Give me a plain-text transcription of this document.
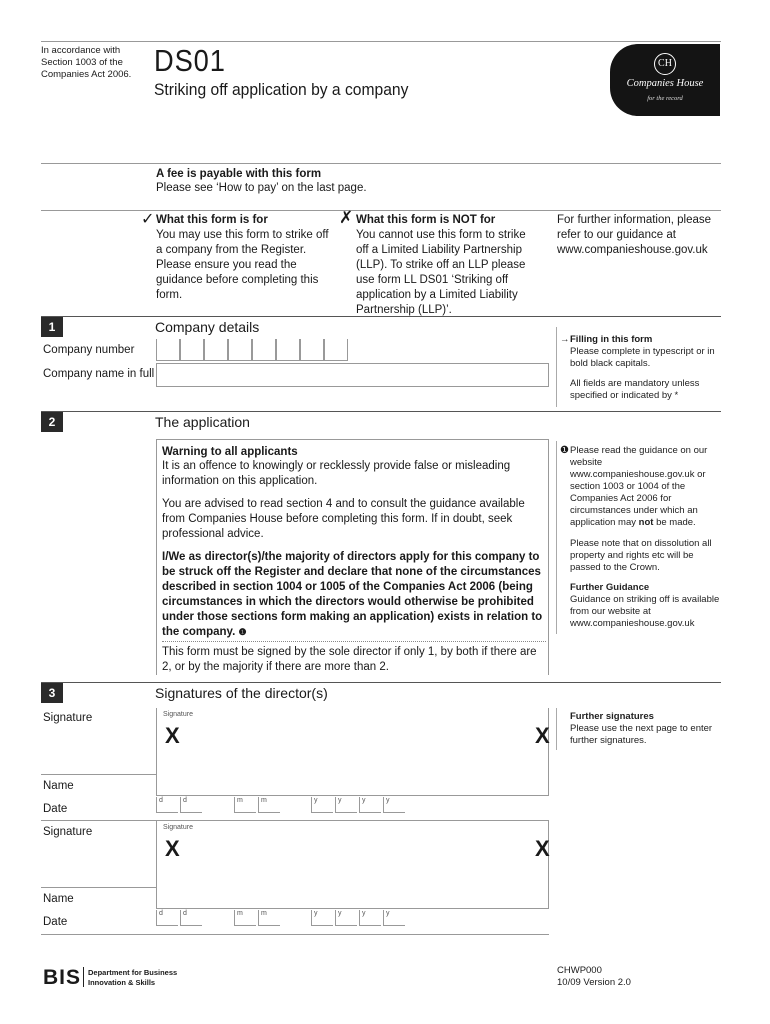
In accordance with
Section 1003 of the
Companies Act 2006. DS01
Striking off application by a company
CH
Companies House
for the record
A fee is payable with this form
Please see ‘How to pay’ on the last page.
✓ What this form is for
You may use this form to strike off a company from the Register. Please ensure you read the guidance before completing this form.
✗ What this form is NOT for
You cannot use this form to strike off a Limited Liability Partnership (LLP). To strike off an LLP please use form LL DS01 ‘Striking off application by a Limited Liability Partnership (LLP)’.
For further information, please refer to our guidance at www.companieshouse.gov.uk
1	Company details
Company number
Company name in full
→ Filling in this form
Please complete in typescript or in bold black capitals.
All fields are mandatory unless specified or indicated by *
2	The application
Warning to all applicants
It is an offence to knowingly or recklessly provide false or misleading information on this application.
You are advised to read section 4 and to consult the guidance available from Companies House before completing this form. If in doubt, seek professional advice.
I/We as director(s)/the majority of directors apply for this company to be struck off the Register and declare that none of the circumstances described in section 1004 or 1005 of the Companies Act 2006 (being circumstances in which the directors would otherwise be prohibited under those sections form making an application) exists in relation to the company. ❶
This form must be signed by the sole director if only 1, by both if there are 2, or by the majority if there are more than 2.
❶ Please read the guidance on our website www.companieshouse.gov.uk or section 1003 or 1004 of the Companies Act 2006 for circumstances under which an application may not be made.
Please note that on dissolution all property and rights etc will be passed to the Crown.
Further Guidance
Guidance on striking off is available from our website at www.companieshouse.gov.uk
3	Signatures of the director(s)
Further signatures
Please use the next page to enter further signatures.
Signature	Signature
X	X
Name
Date
d	d	m	m	y	y	y	y
Signature	Signature
X	X
Name
Date
d	d	m	m	y	y	y	y
BIS Department for Business
Innovation & Skills
CHWP000
10/09 Version 2.0
